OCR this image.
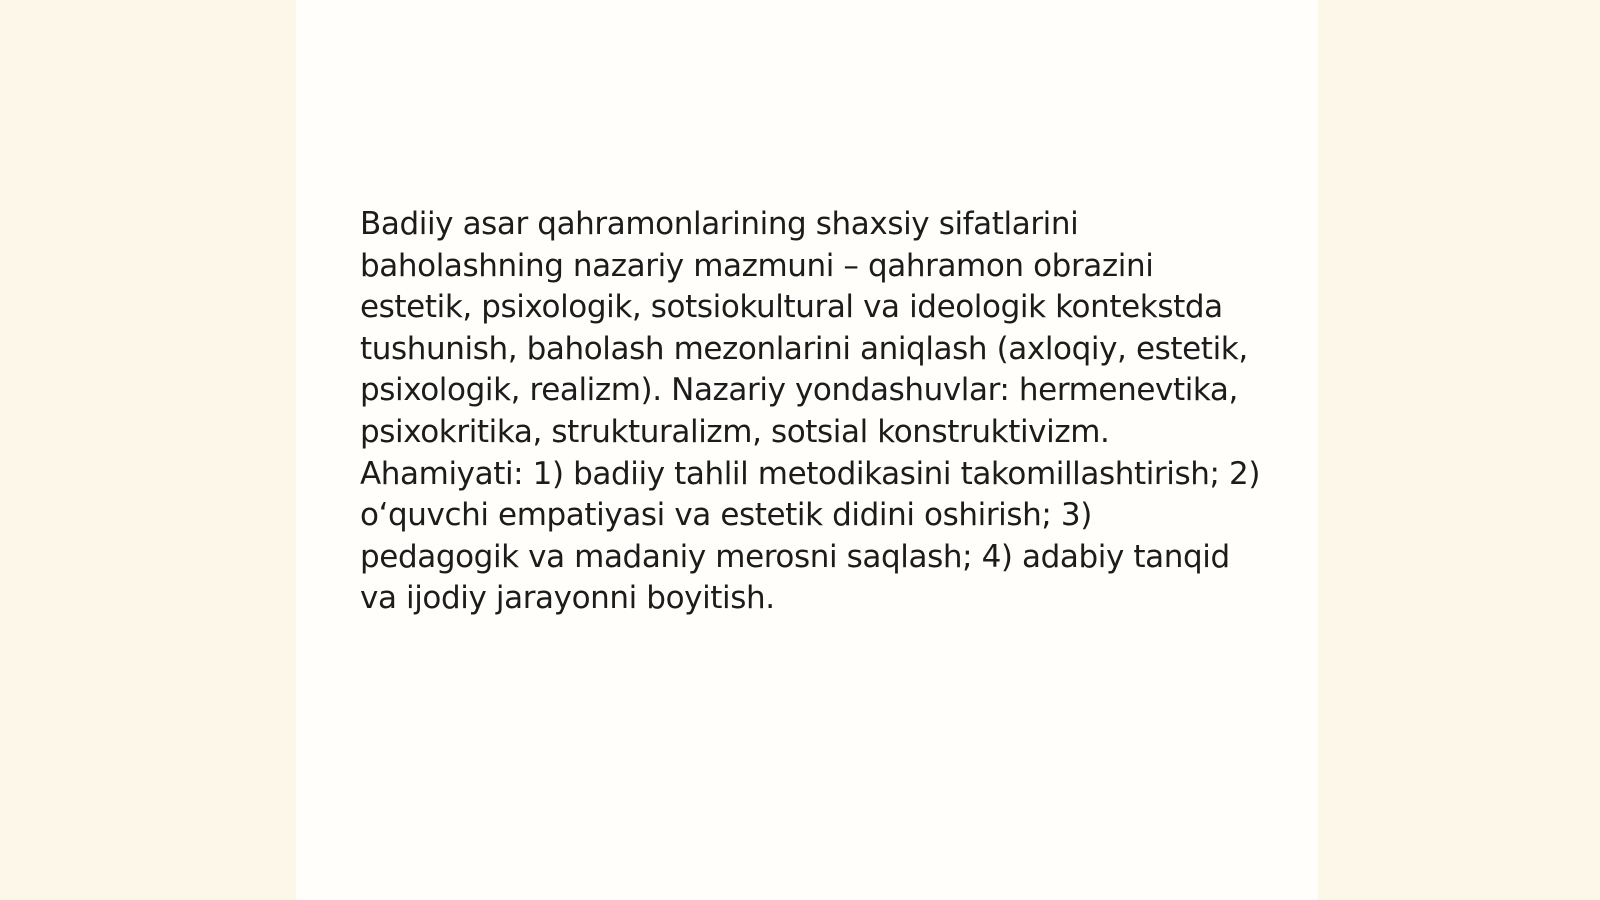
Badiiy asar qahramonlarining shaxsiy sifatlarini baholashning nazariy mazmuni – qahramon obrazini estetik, psixologik, sotsiokultural va ideologik kontekstda tushunish, baholash mezonlarini aniqlash (axloqiy, estetik, psixologik, realizm). Nazariy yondashuvlar: hermenevtika, psixokritika, strukturalizm, sotsial konstruktivizm. Ahamiyati: 1) badiiy tahlil metodikasini takomillashtirish; 2) oʻquvchi empatiyasi va estetik didini oshirish; 3) pedagogik va madaniy merosni saqlash; 4) adabiy tanqid va ijodiy jarayonni boyitish.
